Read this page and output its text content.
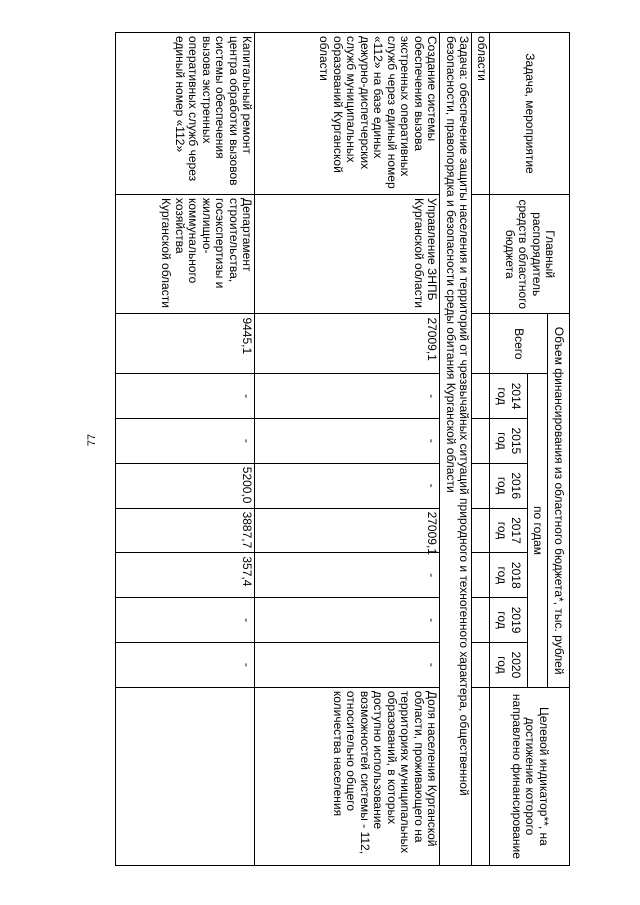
77
Задача, мероприятие	Главный распорядитель средств областного бюджета	Объем финансирования из областного бюджета*, тыс. рублей								Целевой индикатор**, на достижение которого направлено финансирование
		Всего	по годам							
			2014 год	2015 год	2016 год	2017 год	2018 год	2019 год	2020 год	
области										
Задача: обеспечение защиты населения и территорий от чрезвычайных ситуаций природного и техногенного характера, общественной безопасности, правопорядка и безопасности среды обитания Курганской области										
Создание системы обеспечения вызова экстренных оперативных служб через единый номер «112» на базе единых дежурно-диспетчерских служб муниципальных образований Курганской области	Управление ЗНПБ Курганской области	27009,1	-	-	-	27009,1	-	-	-	Доля населения Курганской области, проживающего на территориях муниципальных образований, в которых доступно использование возможностей системы - 112, относительно общего количества населения
Капитальный ремонт центра обработки вызовов системы обеспечения вызова экстренных оперативных служб через единый номер «112»	Департамент строительства, госэкспертизы и жилищно-коммунального хозяйства Курганской области	9445,1	-	-	5200,0	3887,7	357,4	-	-	
